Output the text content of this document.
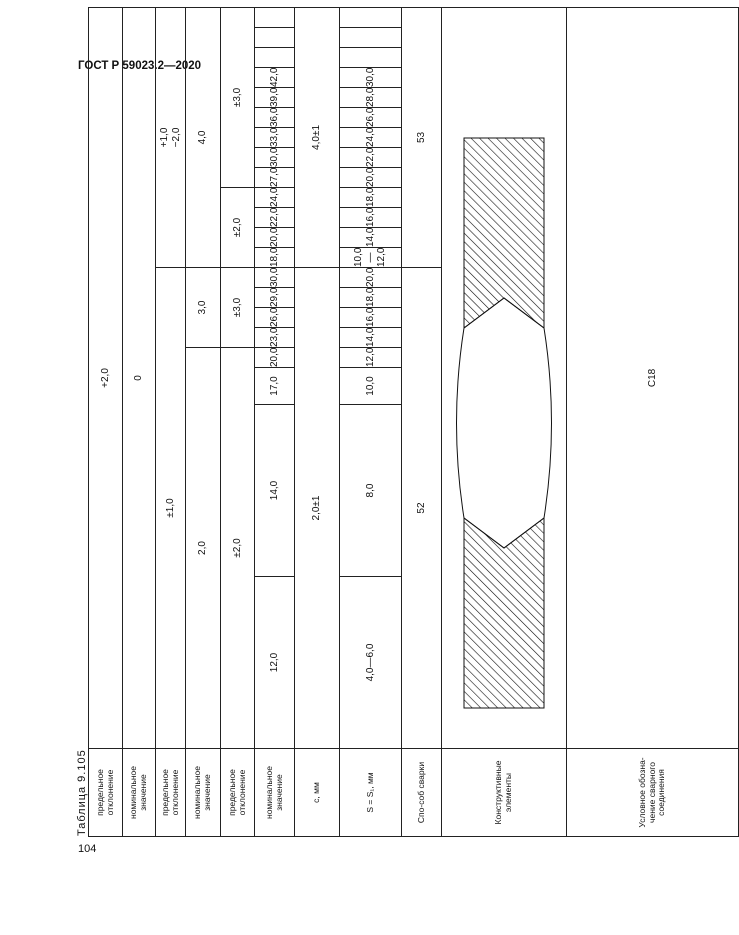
ГОСТ Р 59023.2—2020
предельное отклонение	+2,0																				
номинальное значение	0																				
предельное отклонение	±1,0								+1,0
−2,0												
номинальное значение	2,0				3,0				4,0												
предельное отклонение	±2,0				±3,0				±2,0				±3,0								
номинальное значение	12,0	14,0	17,0	20,0	23,0	26,0	29,0	30,0	18,0	20,0	22,0	24,0	27,0	30,0	33,0	36,0	39,0	42,0			
c, мм	2,0±1								4,0±1												
S = S₁, мм	4,0—6,0	8,0	10,0	12,0	14,0	16,0	18,0	20,0	10,0—12,0	14,0	16,0	18,0	20,0	22,0	24,0	26,0	28,0	30,0			
Спо-соб сварки	52								53												
Конструктивные элементы	

Условное обозна-чение сварного соединения	С18																				
Таблица 9.105
104
